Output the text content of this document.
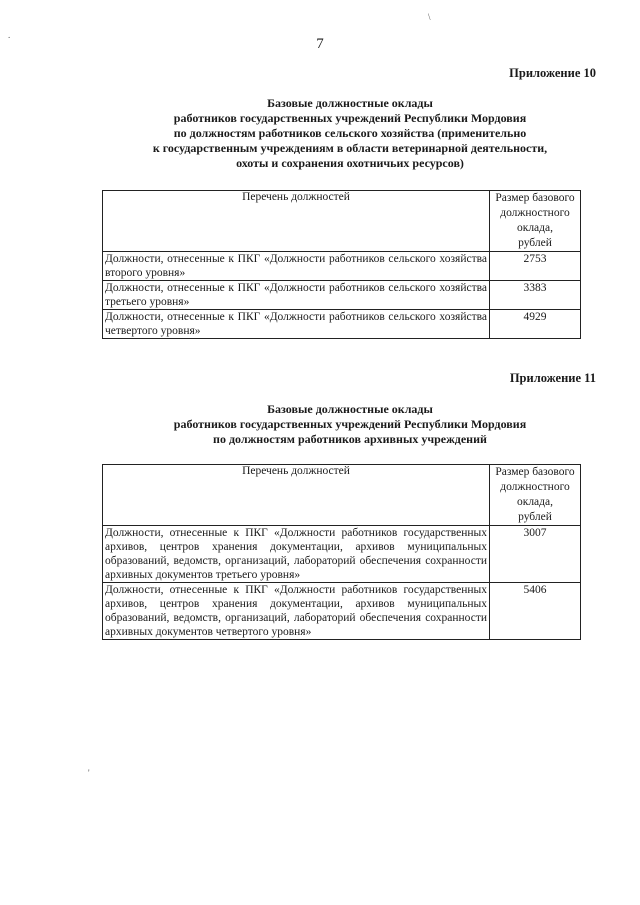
7
Приложение 10
Базовые должностные оклады
работников государственных учреждений Республики Мордовия
по должностям работников сельского хозяйства (применительно
к государственным учреждениям в области ветеринарной деятельности,
охоты и сохранения охотничьих ресурсов)
Перечень должностей	Размер базового
должностного
оклада,
рублей

Должности, отнесенные к ПКГ «Должности работников сельского хозяйства второго уровня»	2753
Должности, отнесенные к ПКГ «Должности работников сельского хозяйства третьего уровня»	3383
Должности, отнесенные к ПКГ «Должности работников сельского хозяйства четвертого уровня»	4929
Приложение 11
Базовые должностные оклады
работников государственных учреждений Республики Мордовия
по должностям работников архивных учреждений
Перечень должностей	Размер базового
должностного
оклада,
рублей

Должности, отнесенные к ПКГ «Должности работников государственных архивов, центров хранения документации, архивов муниципальных образований, ведомств, организаций, лабораторий обеспечения сохранности архивных документов третьего уровня»	3007
Должности, отнесенные к ПКГ «Должности работников государственных архивов, центров хранения документации, архивов муниципальных образований, ведомств, организаций, лабораторий обеспечения сохранности архивных документов четвертого уровня»	5406
.
\
'
